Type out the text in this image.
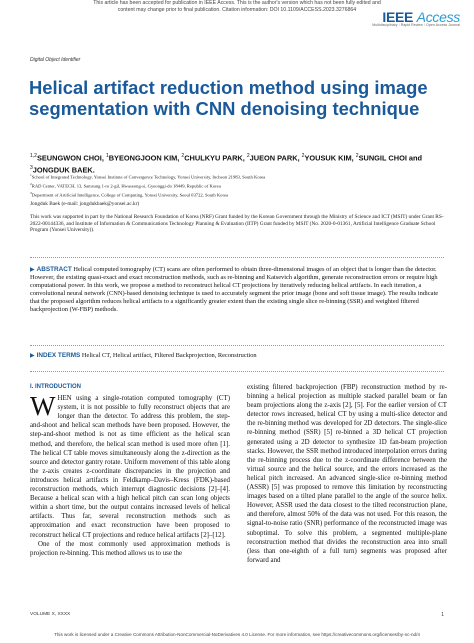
This article has been accepted for publication in IEEE Access. This is the author's version which has not been fully edited and
content may change prior to final publication. Citation information: DOI 10.1109/ACCESS.2023.3276864	IEEE Access
Multidisciplinary ⁝ Rapid Review ⁝ Open Access Journal
Digital Object Identifier
Helical artifact reduction method using image segmentation with CNN denoising technique
$^{1,2}$SEUNGWON CHOI, $^1$BYEONGJOON KIM, $^2$CHULKYU PARK, $^2$JUEON PARK, $^2$YOUSUK KIM, $^2$SUNGIL CHOI and $^3$JONGDUK BAEK.
$^1$School of Integrated Technology, Yonsei Institute of Convergence Technology, Yonsei University, Incheon 21983, South Korea
$^2$RAD Center, VATECH, 13, Samsung 1-ro 2-gil, Hwaseong-si, Gyeonggi-do 18449, Republic of Korea
$^3$Department of Artificial Intelligence, College of Computing, Yonsei University, Seoul 03722, South Korea
Jongduk Baek (e-mail: jongdukbaek@yonsei.ac.kr)
This work was supported in part by the National Research Foundation of Korea (NRF) Grant funded by the Korean Government through the Ministry of Science and ICT (MSIT) under Grant RS-2022-00144336, and Institute of Information & Communications Technology Planning & Evaluation (IITP) Grant funded by MSIT (No. 2020-0-01361, Artificial Intelligence Graduate School Program (Yonsei University)).
▶ ABSTRACT Helical computed tomography (CT) scans are often performed to obtain three-dimensional images of an object that is longer than the detector. However, the existing quasi-exact and exact reconstruction methods, such as re-binning and Katsevich algorithm, generate reconstruction errors or require high computational power. In this work, we propose a method to reconstruct helical CT projections by iteratively reducing helical artifacts. In each iteration, a convolutional neural network (CNN)-based denoising technique is used to accurately segment the prior image (bone and soft tissue image). The results indicate that the proposed algorithm reduces helical artifacts to a significantly greater extent than the existing single slice re-binning (SSR) and weighted filtered backprojection (W-FBP) methods.
▶ INDEX TERMS Helical CT, Helical artifact, Filtered Backprojection, Reconstruction
I. INTRODUCTION

WHEN using a single-rotation computed tomography (CT) system, it is not possible to fully reconstruct objects that are longer than the detector. To address this problem, the step-and-shoot and helical scan methods have been proposed. However, the step-and-shoot method is not as time efficient as the helical scan method, and therefore, the helical scan method is used more often [1]. The helical CT table moves simultaneously along the z-direction as the source and detector gantry rotate. Uniform movement of this table along the z-axis creates z-coordinate discrepancies in the projection and introduces helical artifacts in Feldkamp–Davis–Kress (FDK)-based reconstruction methods, which interrupt diagnostic decisions [2]–[4]. Because a helical scan with a high helical pitch can scan long objects within a short time, but the output contains increased levels of helical artifacts. Thus far, several reconstruction methods such as approximation and exact reconstruction have been proposed to reconstruct helical CT projections and reduce helical artifacts [2]–[12].

One of the most commonly used approximation methods is projection re-binning. This method allows us to use the

existing filtered backprojection (FBP) reconstruction method by re-binning a helical projection as multiple stacked parallel beam or fan beam projections along the z-axis [2], [5]. For the earlier version of CT detector rows increased, helical CT by using a multi-slice detector and the re-binning method was developed for 2D detectors. The single-slice re-binning method (SSR) [5] re-binned a 3D helical CT projection generated using a 2D detector to synthesize 1D fan-beam projection stacks. However, the SSR method introduced interpolation errors during the re-binning process due to the z-coordinate difference between the virtual source and the helical source, and the errors increased as the helical pitch increased. An advanced single-slice re-binning method (ASSR) [5] was proposed to remove this limitation by reconstructing images based on a tilted plane parallel to the angle of the source helix. However, ASSR used the data closest to the tilted reconstruction plane, and therefore, almost 50% of the data was not used. For this reason, the signal-to-noise ratio (SNR) performance of the reconstructed image was suboptimal. To solve this problem, a segmented multiple-plane reconstruction method that divides the reconstruction area into small (less than one-eighth of a full turn) segments was proposed after forward and

VOLUME X, XXXX	1
This work is licensed under a Creative Commons Attribution-NonCommercial-NoDerivatives 4.0 License. For more information, see https://creativecommons.org/licenses/by-nc-nd/4
